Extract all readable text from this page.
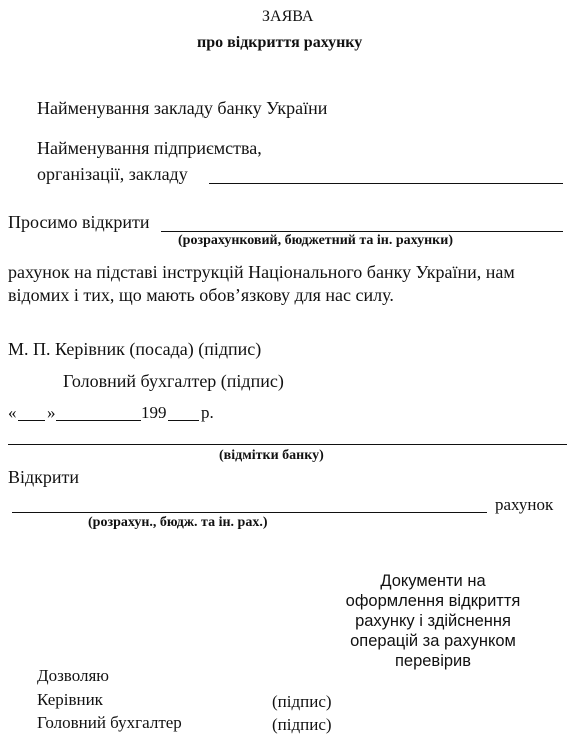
ЗАЯВА
про відкриття рахунку
Найменування закладу банку України
Найменування підприємства,
організації, закладу
Просимо відкрити
(розрахунковий, бюджетний та ін. рахунки)
рахунок на підставі інструкцій Національного банку України, нам
відомих і тих, що мають обов’язкову для нас силу.
М. П. Керівник (посада) (підпис)
Головний бухгалтер (підпис)
« »	199 р.
(відмітки банку)
Відкрити
рахунок
(розрахун., бюдж. та ін. рах.)
Документи на
оформлення відкриття
рахунку і здійснення
операцій за рахунком
перевірив
Дозволяю
Керівник	(підпис)
Головний бухгалтер	(підпис)
